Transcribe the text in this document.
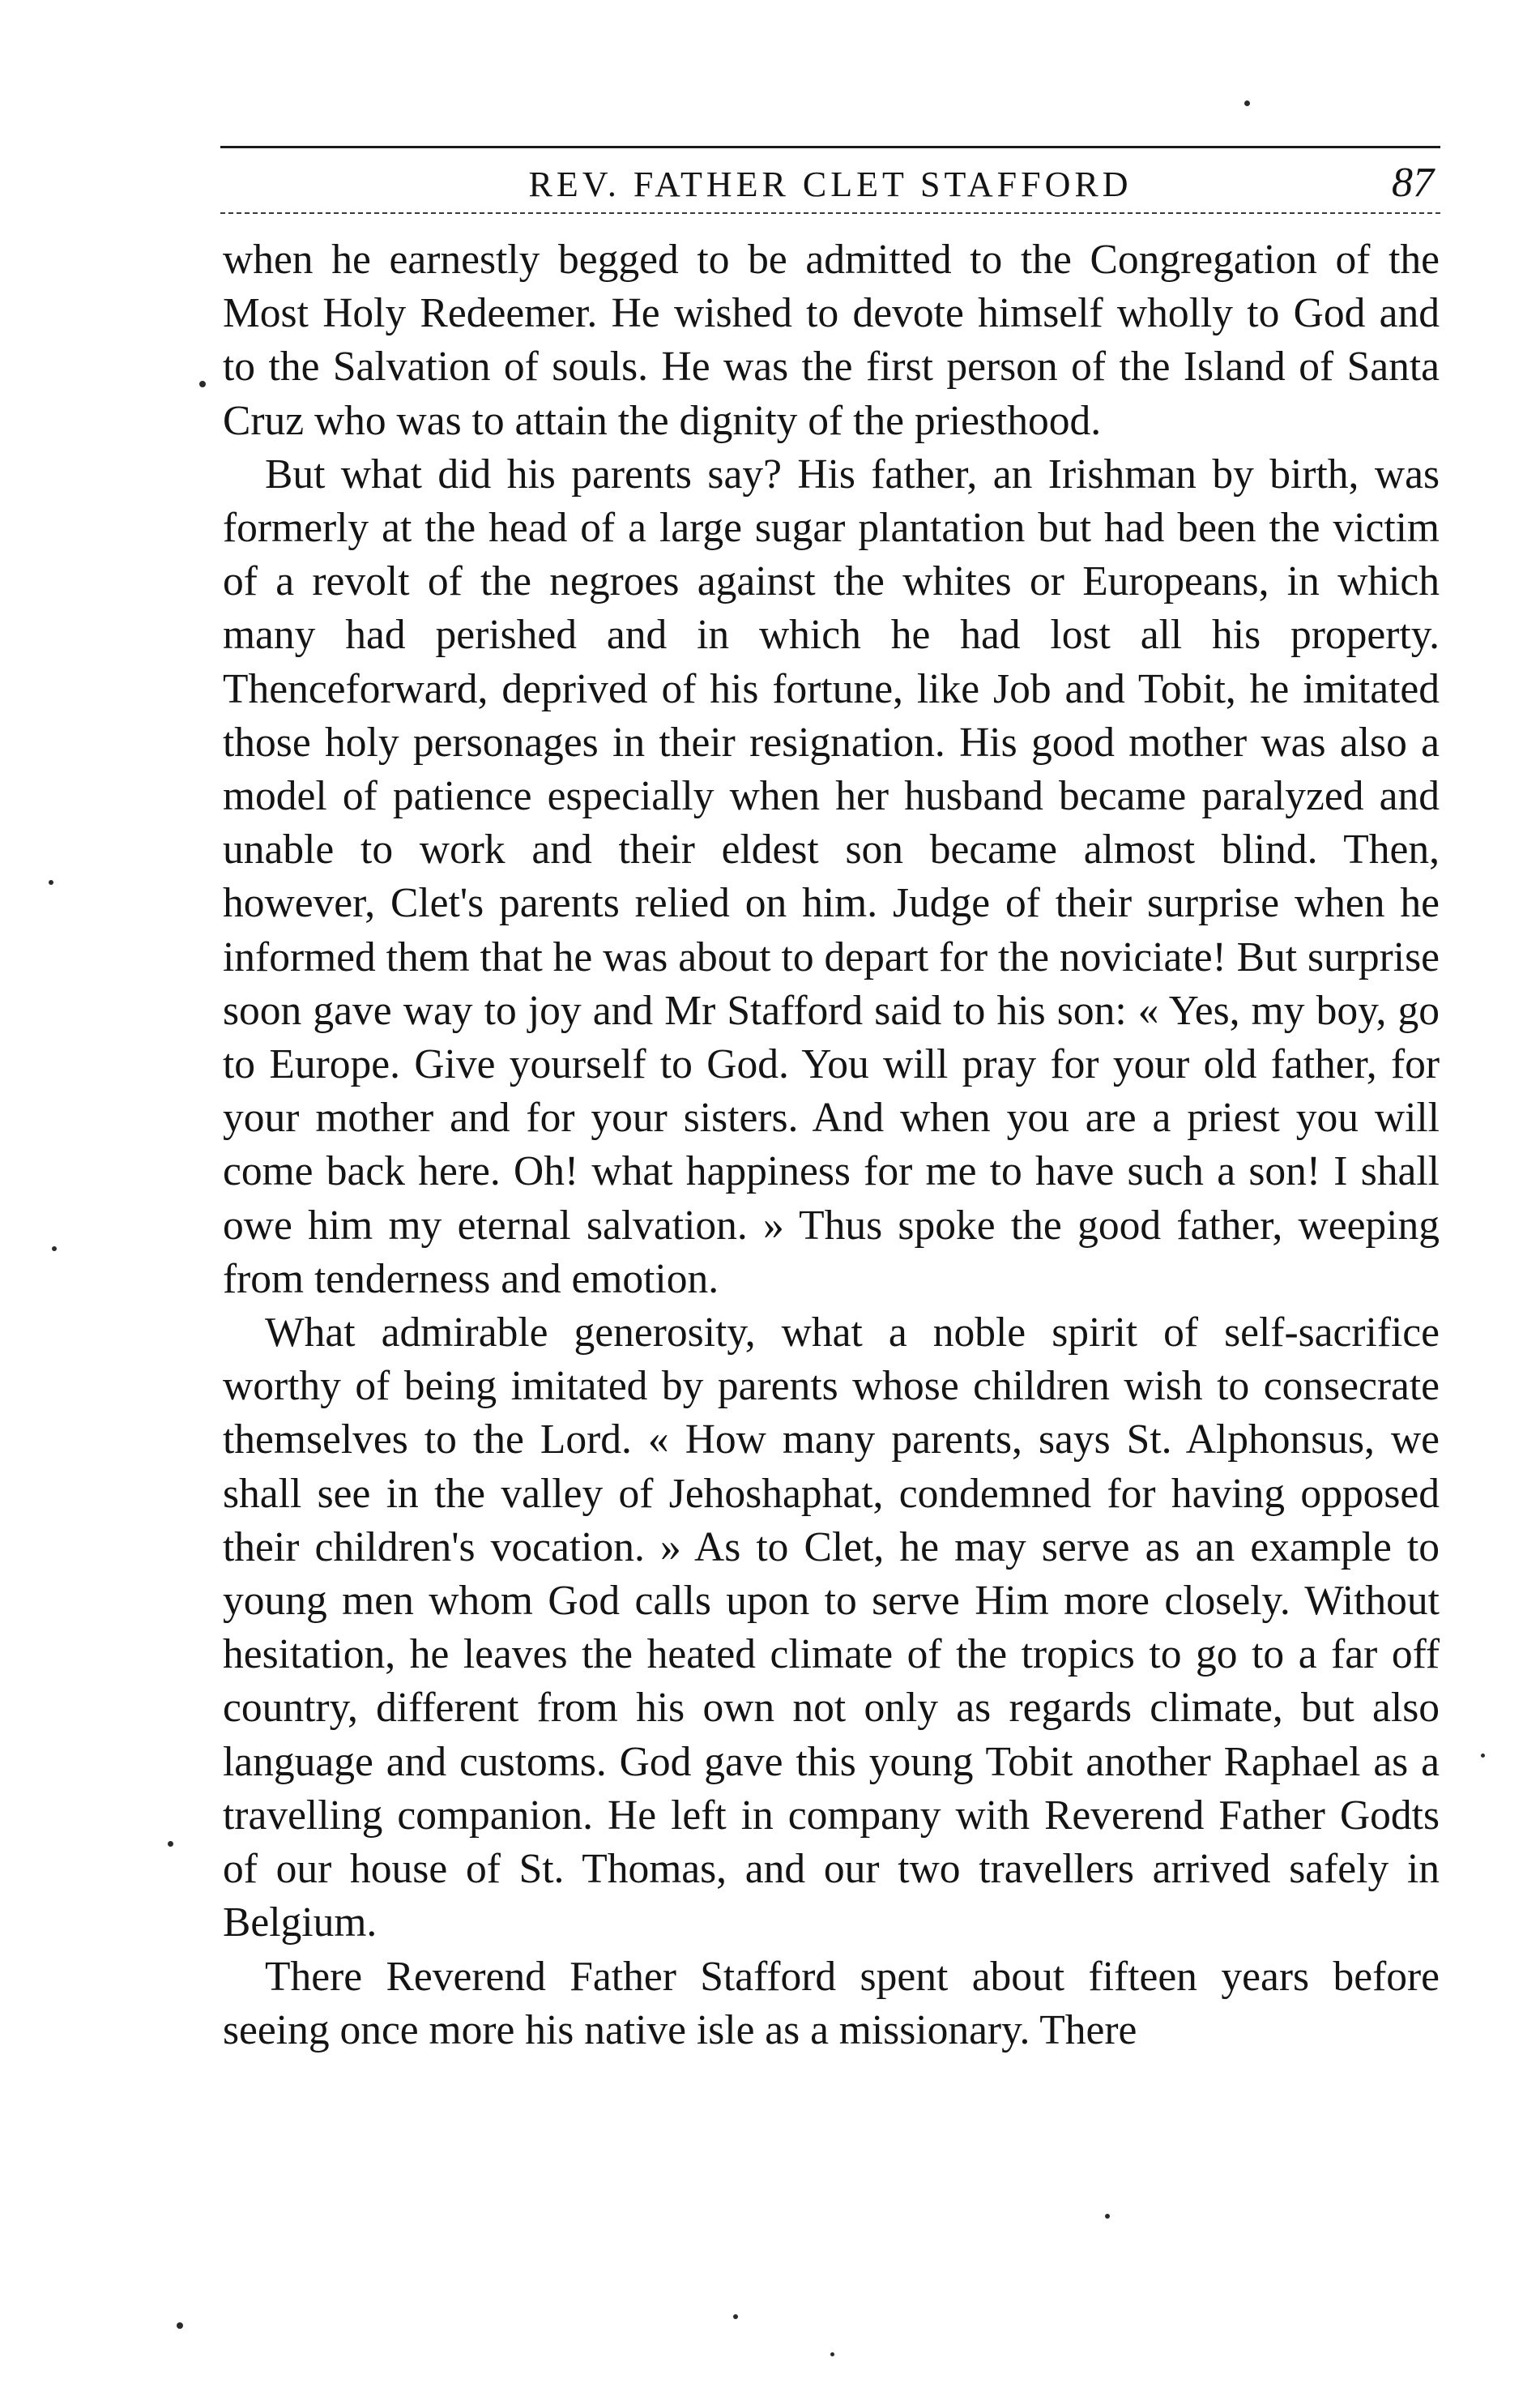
REV. FATHER CLET STAFFORD	87

when he earnestly begged to be admitted to the Congregation of the Most Holy Redeemer. He wished to devote himself wholly to God and to the Salvation of souls. He was the first person of the Island of Santa Cruz who was to attain the dignity of the priesthood.

But what did his parents say? His father, an Irishman by birth, was formerly at the head of a large sugar plantation but had been the victim of a revolt of the negroes against the whites or Europeans, in which many had perished and in which he had lost all his property. Thenceforward, deprived of his fortune, like Job and Tobit, he imitated those holy personages in their resignation. His good mother was also a model of patience especially when her husband became paralyzed and unable to work and their eldest son became almost blind. Then, however, Clet's parents relied on him. Judge of their surprise when he informed them that he was about to depart for the noviciate! But surprise soon gave way to joy and Mr Stafford said to his son: « Yes, my boy, go to Europe. Give yourself to God. You will pray for your old father, for your mother and for your sisters. And when you are a priest you will come back here. Oh! what happiness for me to have such a son! I shall owe him my eternal salvation. » Thus spoke the good father, weeping from tenderness and emotion.

What admirable generosity, what a noble spirit of self-sacrifice worthy of being imitated by parents whose children wish to consecrate themselves to the Lord. « How many parents, says St. Alphonsus, we shall see in the valley of Jehoshaphat, condemned for having opposed their children's vocation. » As to Clet, he may serve as an example to young men whom God calls upon to serve Him more closely. Without hesitation, he leaves the heated climate of the tropics to go to a far off country, different from his own not only as regards climate, but also language and customs. God gave this young Tobit another Raphael as a travelling companion. He left in company with Reverend Father Godts of our house of St. Thomas, and our two travellers arrived safely in Belgium.

There Reverend Father Stafford spent about fifteen years before seeing once more his native isle as a missionary. There
